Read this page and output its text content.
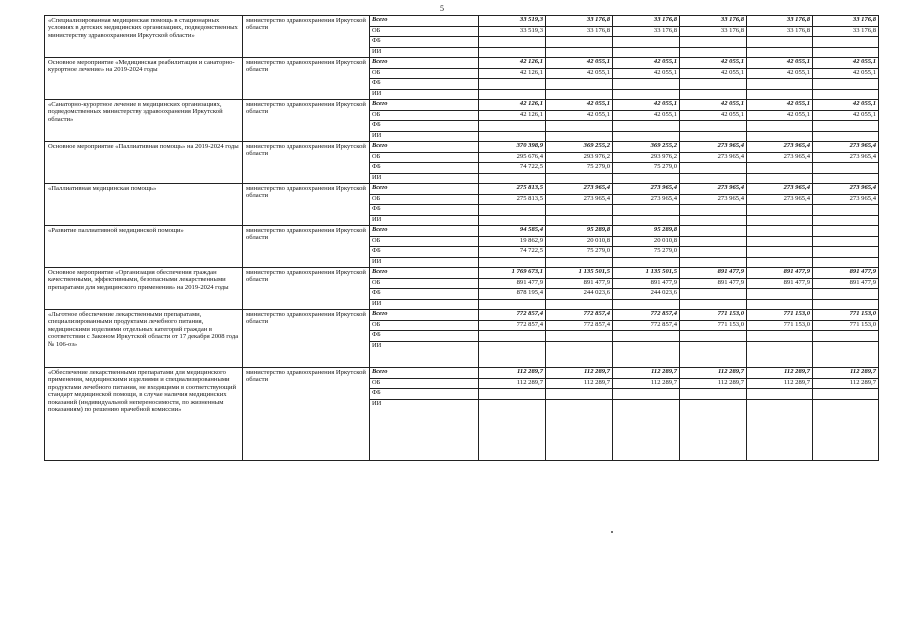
5
«Специализированная медицинская помощь в стационарных условиях в детских медицинских организациях, подведомственных министерству здравоохранения Иркутской области»	министерство здравоохранения Иркутской области	Всего	33 519,3	33 176,8	33 176,8	33 176,8	33 176,8	33 176,8
		ОБ	33 519,3	33 176,8	33 176,8	33 176,8	33 176,8	33 176,8
		ФБ						
		ИИ						
Основное мероприятие «Медицинская реабилитация и санаторно-курортное лечение» на 2019-2024 годы	министерство здравоохранения Иркутской области	Всего	42 126,1	42 055,1	42 055,1	42 055,1	42 055,1	42 055,1
		ОБ	42 126,1	42 055,1	42 055,1	42 055,1	42 055,1	42 055,1
		ФБ						
		ИИ						
«Санаторно-курортное лечение в медицинских организациях, подведомственных министерству здравоохранения Иркутской области»	министерство здравоохранения Иркутской области	Всего	42 126,1	42 055,1	42 055,1	42 055,1	42 055,1	42 055,1
		ОБ	42 126,1	42 055,1	42 055,1	42 055,1	42 055,1	42 055,1
		ФБ						
		ИИ						
Основное мероприятие «Паллиативная помощь» на 2019-2024 годы	министерство здравоохранения Иркутской области	Всего	370 398,9	369 255,2	369 255,2	273 965,4	273 965,4	273 965,4
		ОБ	295 676,4	293 976,2	293 976,2	273 965,4	273 965,4	273 965,4
		ФБ	74 722,5	75 279,0	75 279,0			
		ИИ						
«Паллиативная медицинская помощь»	министерство здравоохранения Иркутской области	Всего	275 813,5	273 965,4	273 965,4	273 965,4	273 965,4	273 965,4
		ОБ	275 813,5	273 965,4	273 965,4	273 965,4	273 965,4	273 965,4
		ФБ						
		ИИ						
«Развитие паллиативной медицинской помощи»	министерство здравоохранения Иркутской области	Всего	94 585,4	95 289,8	95 289,8			
		ОБ	19 862,9	20 010,8	20 010,8			
		ФБ	74 722,5	75 279,0	75 279,0			
		ИИ						
Основное мероприятие «Организация обеспечения граждан качественными, эффективными, безопасными лекарственными препаратами для медицинского применения» на 2019-2024 годы	министерство здравоохранения Иркутской области	Всего	1 769 673,1	1 135 501,5	1 135 501,5	891 477,9	891 477,9	891 477,9
		ОБ	891 477,9	891 477,9	891 477,9	891 477,9	891 477,9	891 477,9
		ФБ	878 195,4	244 023,6	244 023,6			
		ИИ						
«Льготное обеспечение лекарственными препаратами, специализированными продуктами лечебного питания, медицинскими изделиями отдельных категорий граждан в соответствии с Законом Иркутской области от 17 декабря 2008 года № 106-оз»	министерство здравоохранения Иркутской области	Всего	772 857,4	772 857,4	772 857,4	771 153,0	771 153,0	771 153,0
		ОБ	772 857,4	772 857,4	772 857,4	771 153,0	771 153,0	771 153,0
		ФБ						
		ИИ						
«Обеспечение лекарственными препаратами для медицинского применения, медицинскими изделиями и специализированными продуктами лечебного питания, не входящими в соответствующий стандарт медицинской помощи, в случае наличия медицинских показаний (индивидуальной непереносимости, по жизненным показаниям) по решению врачебной комиссии»	министерство здравоохранения Иркутской области	Всего	112 289,7	112 289,7	112 289,7	112 289,7	112 289,7	112 289,7
		ОБ	112 289,7	112 289,7	112 289,7	112 289,7	112 289,7	112 289,7
		ФБ						
		ИИ						
